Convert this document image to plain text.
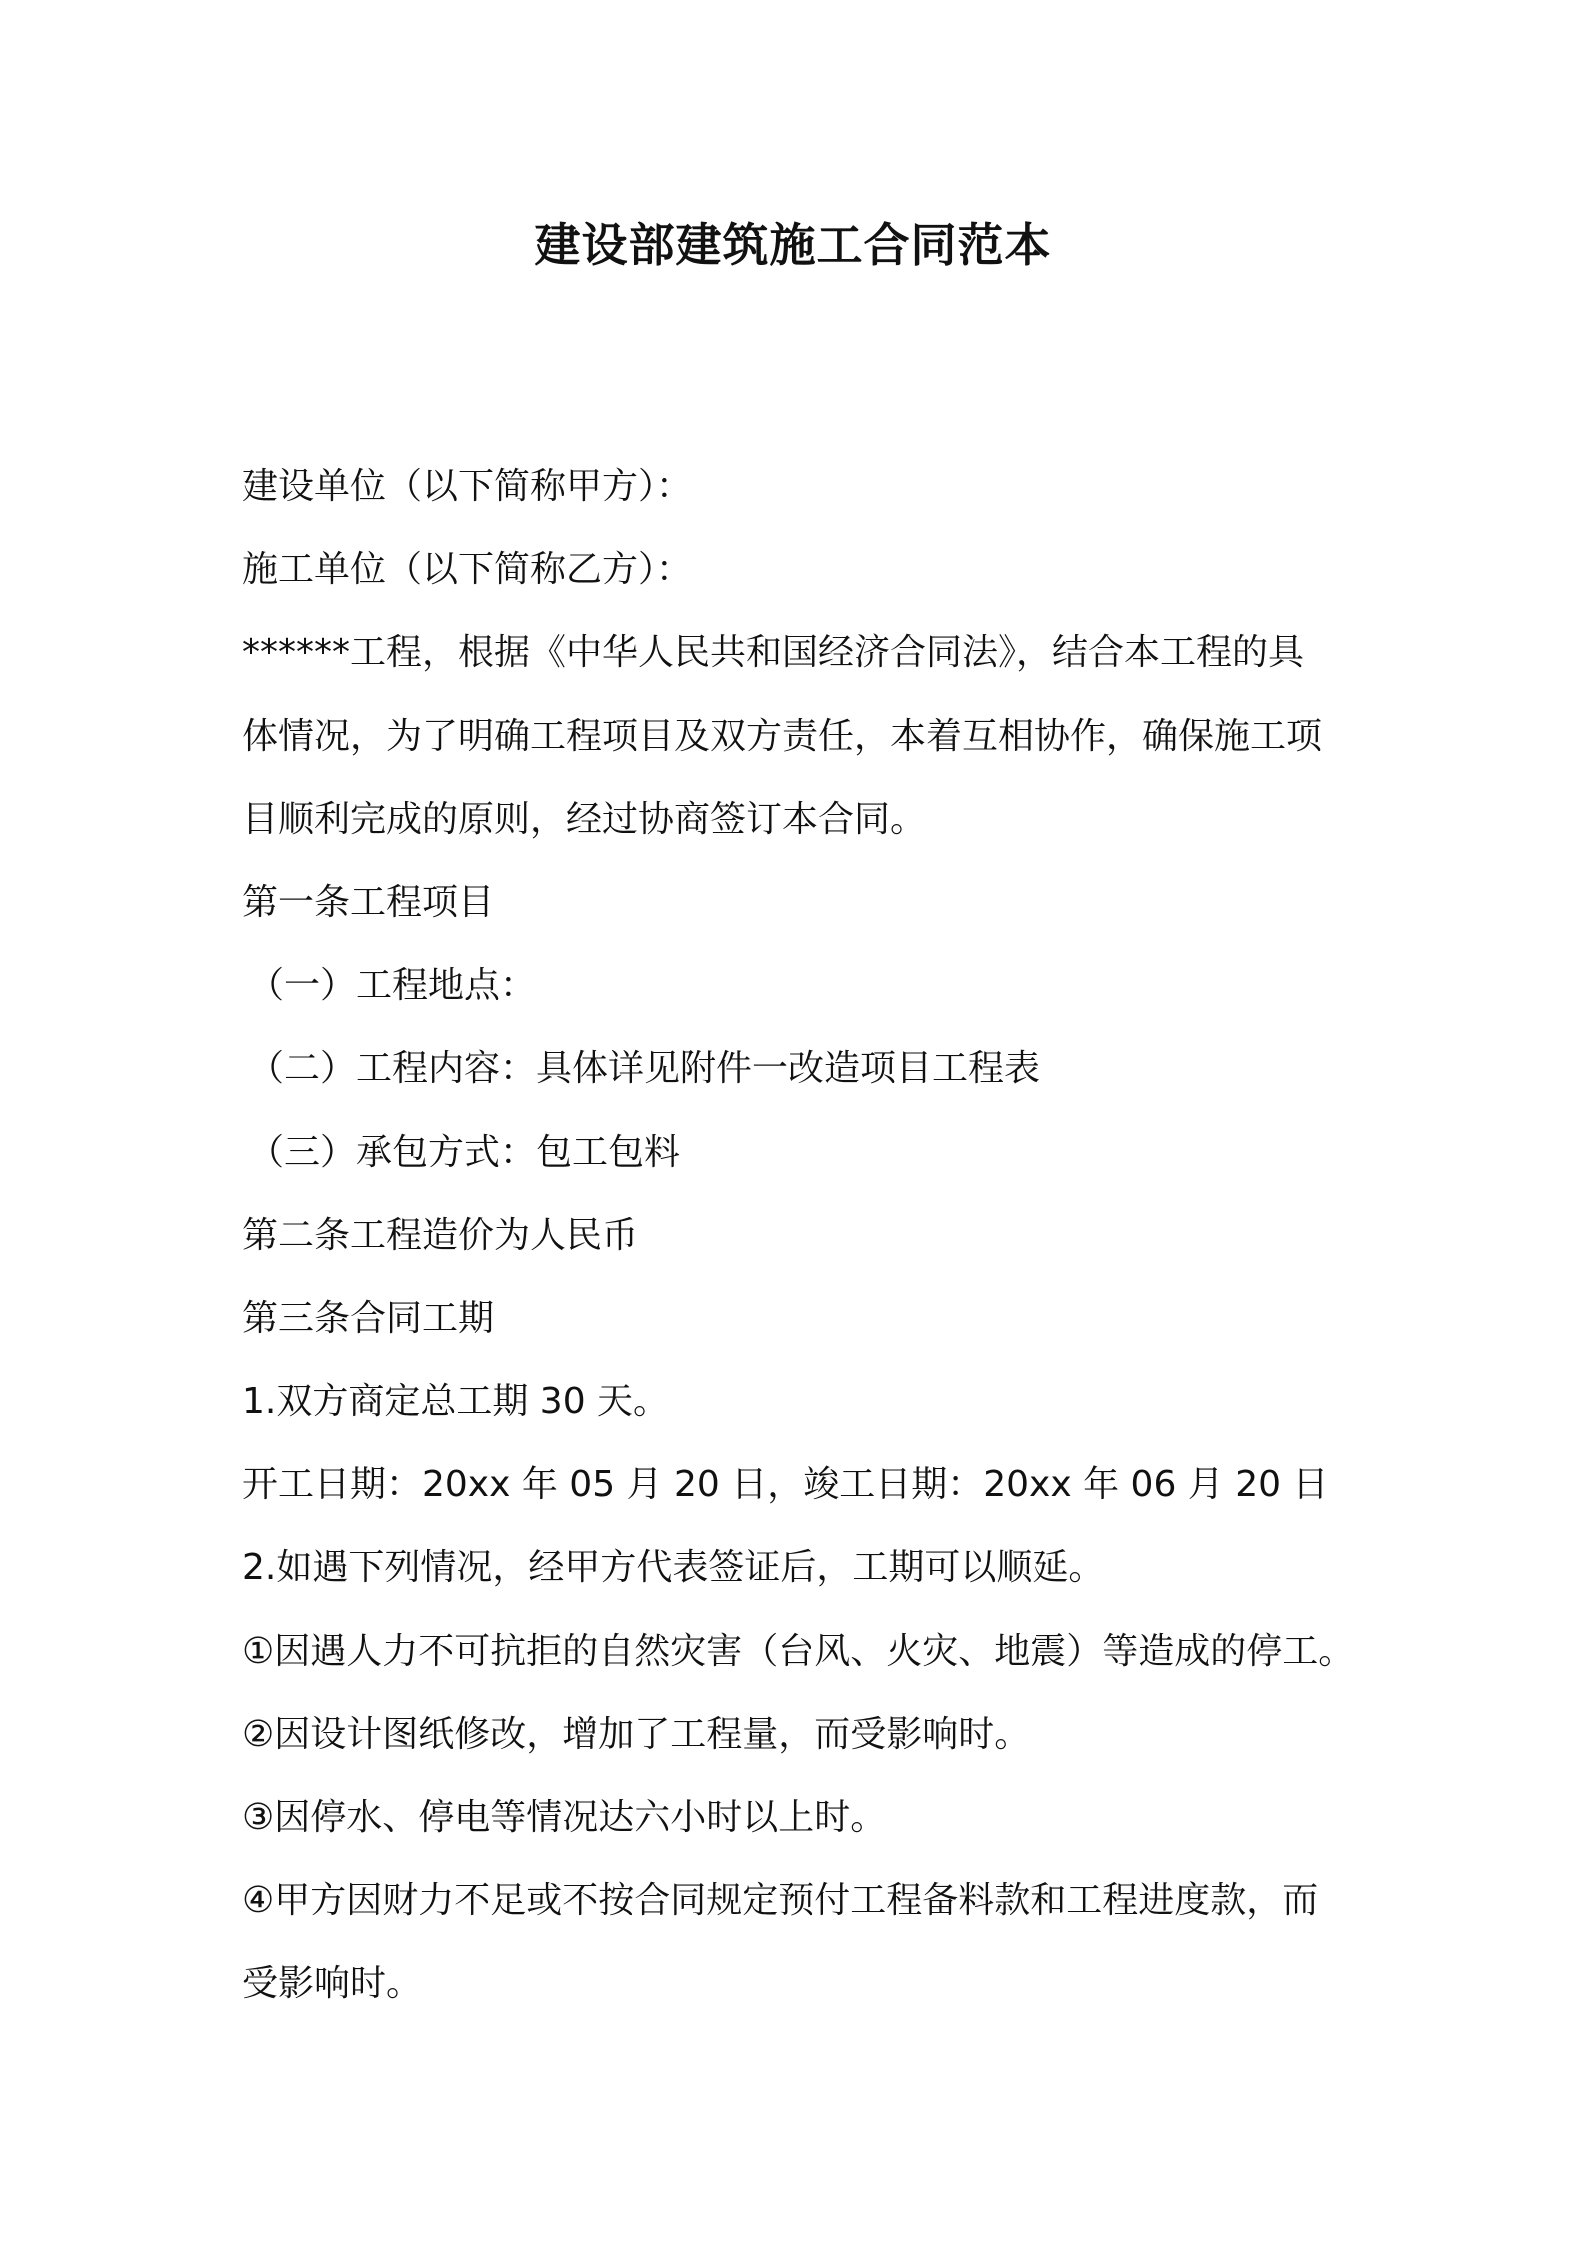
建设部建筑施工合同范本
建设单位（以下简称甲方）：
施工单位（以下简称乙方）：
******工程，根据《中华人民共和国经济合同法》，结合本工程的具
体情况，为了明确工程项目及双方责任，本着互相协作，确保施工项
目顺利完成的原则，经过协商签订本合同。
第一条工程项目
（一）工程地点：
（二）工程内容：具体详见附件一改造项目工程表
（三）承包方式：包工包料
第二条工程造价为人民币
第三条合同工期
1.双方商定总工期 30 天。
开工日期：20xx 年 05 月 20 日，竣工日期：20xx 年 06 月 20 日
2.如遇下列情况，经甲方代表签证后，工期可以顺延。
①因遇人力不可抗拒的自然灾害（台风、火灾、地震）等造成的停工。
②因设计图纸修改，增加了工程量，而受影响时。
③因停水、停电等情况达六小时以上时。
④甲方因财力不足或不按合同规定预付工程备料款和工程进度款，而
受影响时。
